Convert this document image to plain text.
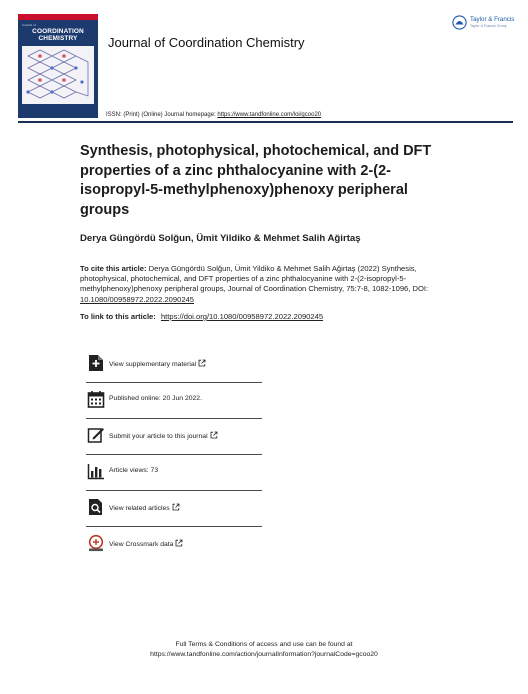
Journal of
COORDINATION CHEMISTRY	Journal of Coordination Chemistry
Taylor & Francis
Taylor & Francis Group
ISSN: (Print) (Online) Journal homepage: https://www.tandfonline.com/loi/gcoo20
Synthesis, photophysical, photochemical, and DFT properties of a zinc phthalocyanine with 2-(2-isopropyl-5-methylphenoxy)phenoxy peripheral groups
Derya Güngördü Solğun, Ümit Yildiko & Mehmet Salih Ağirtaş
To cite this article: Derya Güngördü Solğun, Ümit Yildiko & Mehmet Salih Ağirtaş (2022) Synthesis, photophysical, photochemical, and DFT properties of a zinc phthalocyanine with 2-(2-isopropyl-5-methylphenoxy)phenoxy peripheral groups, Journal of Coordination Chemistry, 75:7-8, 1082-1096, DOI: 10.1080/00958972.2022.2090245
To link to this article: https://doi.org/10.1080/00958972.2022.2090245
View supplementary material
Published online: 20 Jun 2022.
Submit your article to this journal
Article views: 73
View related articles
View Crossmark data
Full Terms & Conditions of access and use can be found at
https://www.tandfonline.com/action/journalInformation?journalCode=gcoo20
